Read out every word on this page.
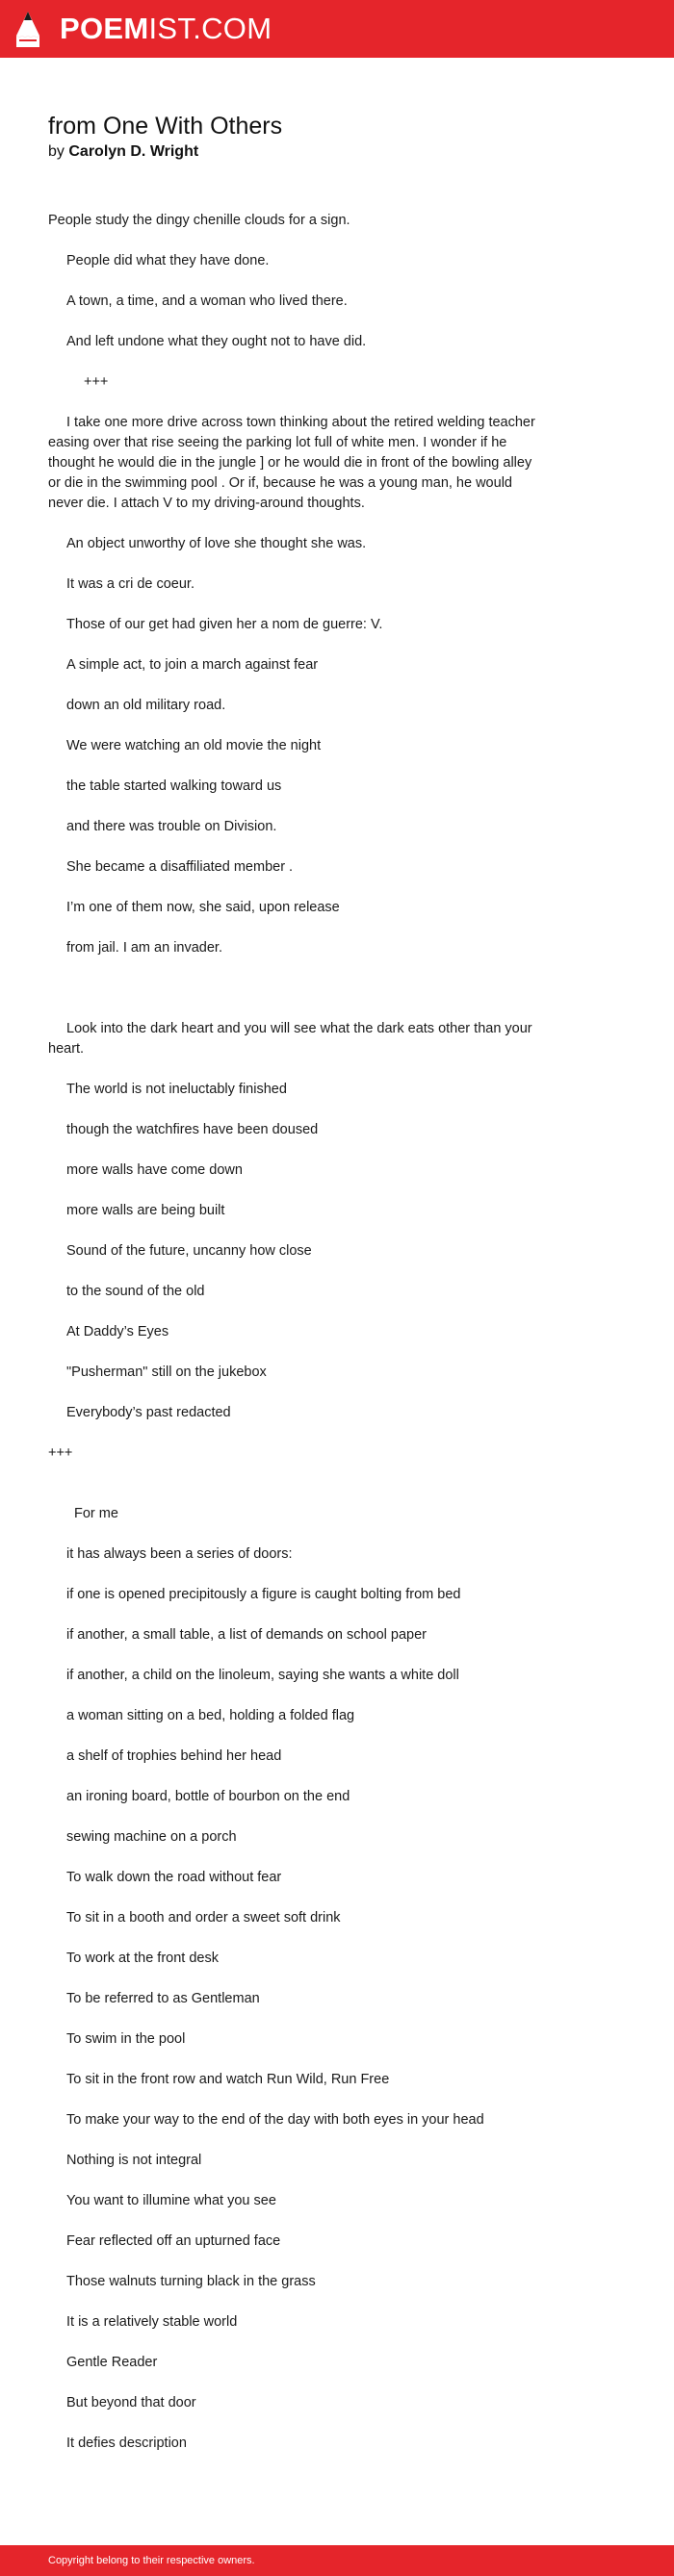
POEMIST.COM
from One With Others
by Carolyn D. Wright

People study the dingy chenille clouds for a sign.

People did what they have done.

A town, a time, and a woman who lived there.

And left undone what they ought not to have did.

+++

I take one more drive across town thinking about the retired welding teacher easing over that rise seeing the parking lot full of white men. I wonder if he thought he would die in the jungle ] or he would die in front of the bowling alley or die in the swimming pool . Or if, because he was a young man, he would never die. I attach V to my driving-around thoughts.

An object unworthy of love she thought she was.

It was a cri de coeur.

Those of our get had given her a nom de guerre: V.

A simple act, to join a march against fear

down an old military road.

We were watching an old movie the night

the table started walking toward us

and there was trouble on Division.

She became a disaffiliated member .

I’m one of them now, she said, upon release

from jail. I am an invader.

Look into the dark heart and you will see what the dark eats other than your heart.

The world is not ineluctably finished

though the watchfires have been doused

more walls have come down

more walls are being built

Sound of the future, uncanny how close

to the sound of the old

At Daddy’s Eyes

"Pusherman" still on the jukebox

Everybody’s past redacted

+++

For me

it has always been a series of doors:

if one is opened precipitously a figure is caught bolting from bed

if another, a small table, a list of demands on school paper

if another, a child on the linoleum, saying she wants a white doll

a woman sitting on a bed, holding a folded flag

a shelf of trophies behind her head

an ironing board, bottle of bourbon on the end

sewing machine on a porch

To walk down the road without fear

To sit in a booth and order a sweet soft drink

To work at the front desk

To be referred to as Gentleman

To swim in the pool

To sit in the front row and watch Run Wild, Run Free

To make your way to the end of the day with both eyes in your head

Nothing is not integral

You want to illumine what you see

Fear reflected off an upturned face

Those walnuts turning black in the grass

It is a relatively stable world

Gentle Reader

But beyond that door

It defies description

Copyright belong to their respective owners.
